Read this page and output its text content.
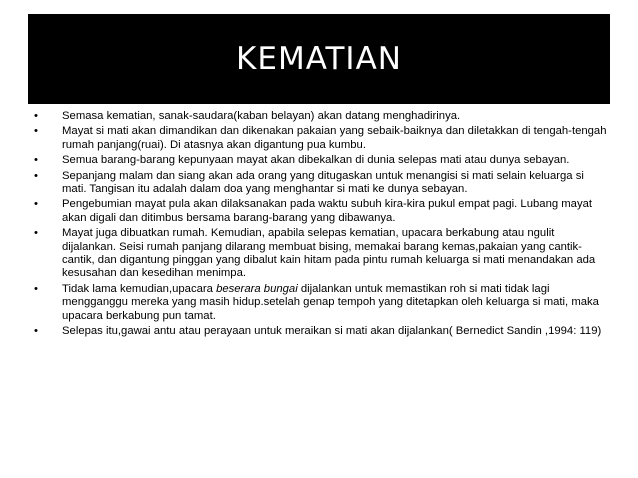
KEMATIAN
•	Semasa kematian, sanak-saudara(kaban belayan) akan datang menghadirinya.
•	Mayat si mati akan dimandikan dan dikenakan pakaian yang sebaik-baiknya dan diletakkan di tengah-tengah rumah panjang(ruai). Di atasnya akan digantung pua kumbu.
•	Semua barang-barang kepunyaan mayat akan dibekalkan di dunia selepas mati atau dunya sebayan.
•	Sepanjang malam dan siang akan ada orang yang ditugaskan untuk menangisi si mati selain keluarga si mati. Tangisan itu adalah dalam doa yang menghantar si mati ke dunya sebayan.
•	Pengebumian mayat pula akan dilaksanakan pada waktu subuh kira-kira pukul empat pagi. Lubang mayat akan digali dan ditimbus bersama barang-barang yang dibawanya.
•	Mayat juga dibuatkan rumah. Kemudian, apabila selepas kematian, upacara berkabung atau ngulit dijalankan. Seisi rumah panjang dilarang membuat bising, memakai barang kemas,pakaian yang cantik-cantik, dan digantung pinggan yang dibalut kain hitam pada pintu rumah keluarga si mati menandakan ada kesusahan dan kesedihan menimpa.
•	Tidak lama kemudian,upacara beserara bungai dijalankan untuk memastikan roh si mati tidak lagi mengganggu mereka yang masih hidup.setelah genap tempoh yang ditetapkan oleh keluarga si mati, maka upacara berkabung pun tamat.
•	Selepas itu,gawai antu atau perayaan untuk meraikan si mati akan dijalankan( Bernedict Sandin ,1994: 119)
